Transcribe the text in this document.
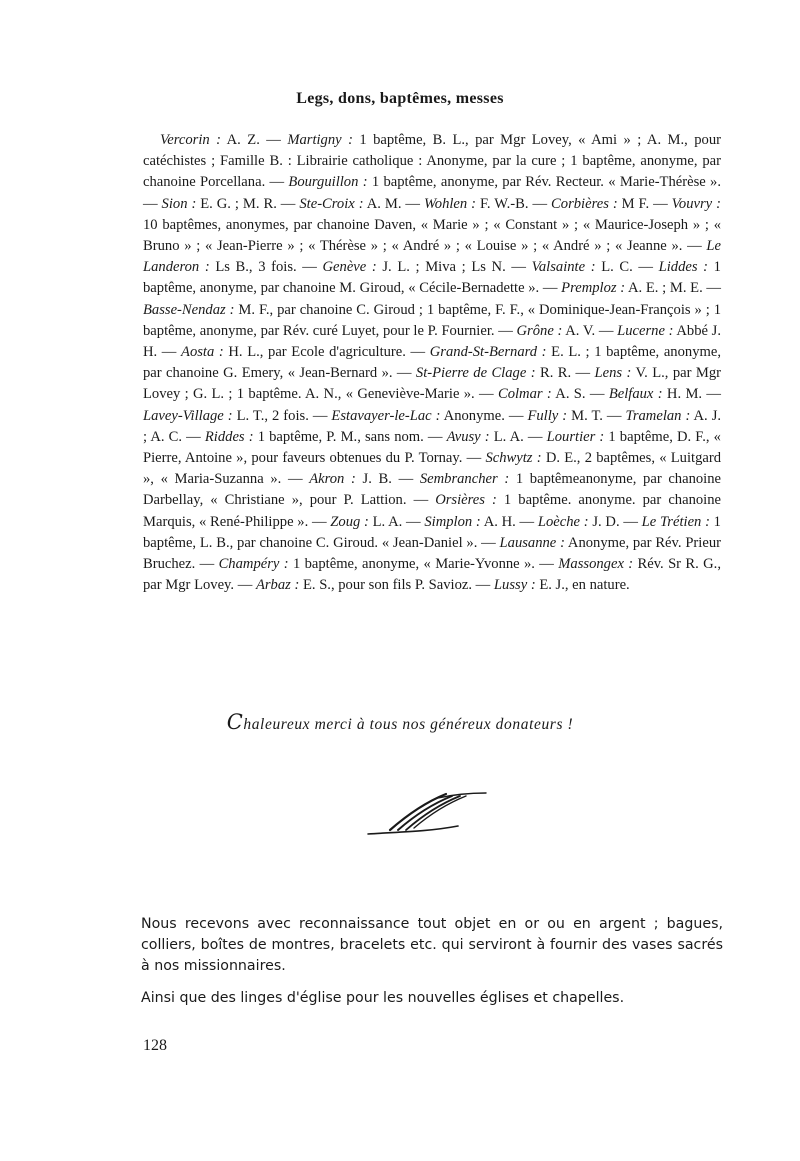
Legs, dons, baptêmes, messes
Vercorin : A. Z. — Martigny : 1 baptême, B. L., par Mgr Lovey, « Ami » ; A. M., pour catéchistes ; Famille B. : Librairie catholique : Anonyme, par la cure ; 1 baptême, anonyme, par chanoine Porcellana. — Bourguillon : 1 baptême, anonyme, par Rév. Recteur. « Marie-Thérèse ». — Sion : E. G. ; M. R. — Ste-Croix : A. M. — Wohlen : F. W.-B. — Corbières : M F. — Vouvry : 10 baptêmes, anonymes, par chanoine Daven, « Marie » ; « Constant » ; « Maurice-Joseph » ; « Bruno » ; « Jean-Pierre » ; « Thérèse » ; « André » ; « Louise » ; « André » ; « Jeanne ». — Le Landeron : Ls B., 3 fois. — Genève : J. L. ; Miva ; Ls N. — Valsainte : L. C. — Liddes : 1 baptême, anonyme, par chanoine M. Giroud, « Cécile-Bernadette ». — Premploz : A. E. ; M. E. — Basse-Nendaz : M. F., par chanoine C. Giroud ; 1 baptême, F. F., « Dominique-Jean-François » ; 1 baptême, anonyme, par Rév. curé Luyet, pour le P. Fournier. — Grône : A. V. — Lucerne : Abbé J. H. — Aosta : H. L., par Ecole d'agriculture. — Grand-St-Bernard : E. L. ; 1 baptême, anonyme, par chanoine G. Emery, « Jean-Bernard ». — St-Pierre de Clage : R. R. — Lens : V. L., par Mgr Lovey ; G. L. ; 1 baptême. A. N., « Geneviève-Marie ». — Colmar : A. S. — Belfaux : H. M. — Lavey-Village : L. T., 2 fois. — Estavayer-le-Lac : Anonyme. — Fully : M. T. — Tramelan : A. J. ; A. C. — Riddes : 1 baptême, P. M., sans nom. — Avusy : L. A. — Lourtier : 1 baptême, D. F., « Pierre, Antoine », pour faveurs obtenues du P. Tornay. — Schwytz : D. E., 2 baptêmes, « Luitgard », « Maria-Suzanna ». — Akron : J. B. — Sembrancher : 1 baptêmeanonyme, par chanoine Darbellay, « Christiane », pour P. Lattion. — Orsières : 1 baptême. anonyme. par chanoine Marquis, « René-Philippe ». — Zoug : L. A. — Simplon : A. H. — Loèche : J. D. — Le Trétien : 1 baptême, L. B., par chanoine C. Giroud. « Jean-Daniel ». — Lausanne : Anonyme, par Rév. Prieur Bruchez. — Champéry : 1 baptême, anonyme, « Marie-Yvonne ». — Massongex : Rév. Sr R. G., par Mgr Lovey. — Arbaz : E. S., pour son fils P. Savioz. — Lussy : E. J., en nature.
Chaleureux merci à tous nos généreux donateurs !
Nous recevons avec reconnaissance tout objet en or ou en argent ; bagues, colliers, boîtes de montres, bracelets etc. qui serviront à fournir des vases sacrés à nos missionnaires.
Ainsi que des linges d'église pour les nouvelles églises et chapelles.
128
